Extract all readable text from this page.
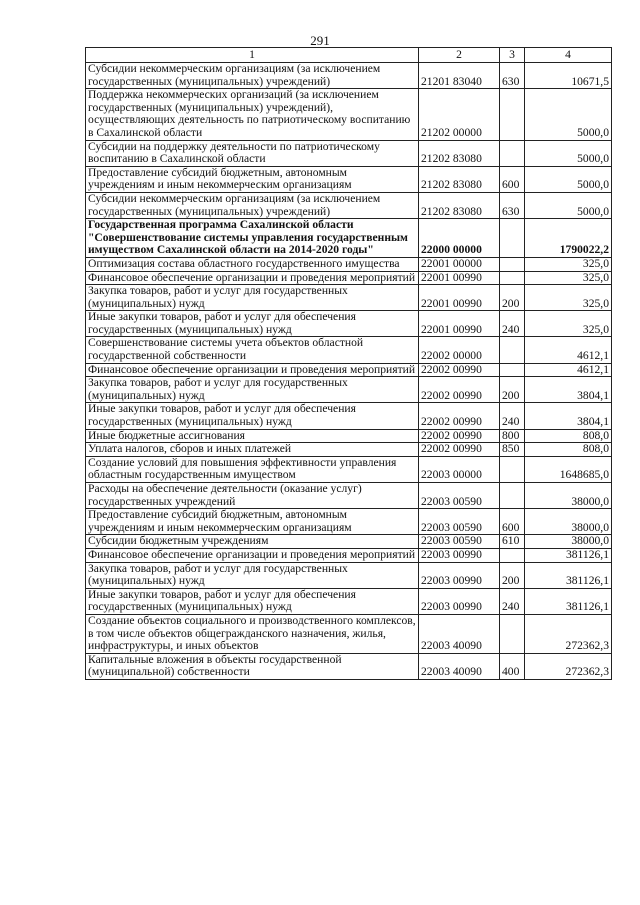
291
1	2	3	4
Субсидии некоммерческим организациям (за исключением государственных (муниципальных) учреждений)	21201 83040	630	10671,5
Поддержка некоммерческих организаций (за исключением государственных (муниципальных) учреждений), осуществляющих деятельность по патриотическому воспитанию в Сахалинской области	21202 00000		5000,0
Субсидии на поддержку деятельности по патриотическому воспитанию в Сахалинской области	21202 83080		5000,0
Предоставление субсидий бюджетным, автономным учреждениям и иным некоммерческим организациям	21202 83080	600	5000,0
Субсидии некоммерческим организациям (за исключением государственных (муниципальных) учреждений)	21202 83080	630	5000,0
Государственная программа Сахалинской области "Совершенствование системы управления государственным имуществом Сахалинской области на 2014-2020 годы"	22000 00000		1790022,2
Оптимизация состава областного государственного имущества	22001 00000		325,0
Финансовое обеспечение организации и проведения мероприятий	22001 00990		325,0
Закупка товаров, работ и услуг для государственных (муниципальных) нужд	22001 00990	200	325,0
Иные закупки товаров, работ и услуг для обеспечения государственных (муниципальных) нужд	22001 00990	240	325,0
Совершенствование системы учета объектов областной государственной собственности	22002 00000		4612,1
Финансовое обеспечение организации и проведения мероприятий	22002 00990		4612,1
Закупка товаров, работ и услуг для государственных (муниципальных) нужд	22002 00990	200	3804,1
Иные закупки товаров, работ и услуг для обеспечения государственных (муниципальных) нужд	22002 00990	240	3804,1
Иные бюджетные ассигнования	22002 00990	800	808,0
Уплата налогов, сборов и иных платежей	22002 00990	850	808,0
Создание условий для повышения эффективности управления областным государственным имуществом	22003 00000		1648685,0
Расходы на обеспечение деятельности (оказание услуг) государственных учреждений	22003 00590		38000,0
Предоставление субсидий бюджетным, автономным учреждениям и иным некоммерческим организациям	22003 00590	600	38000,0
Субсидии бюджетным учреждениям	22003 00590	610	38000,0
Финансовое обеспечение организации и проведения мероприятий	22003 00990		381126,1
Закупка товаров, работ и услуг для государственных (муниципальных) нужд	22003 00990	200	381126,1
Иные закупки товаров, работ и услуг для обеспечения государственных (муниципальных) нужд	22003 00990	240	381126,1
Создание объектов социального и производственного комплексов, в том числе объектов общегражданского назначения, жилья, инфраструктуры, и иных объектов	22003 40090		272362,3
Капитальные вложения в объекты государственной (муниципальной) собственности	22003 40090	400	272362,3
